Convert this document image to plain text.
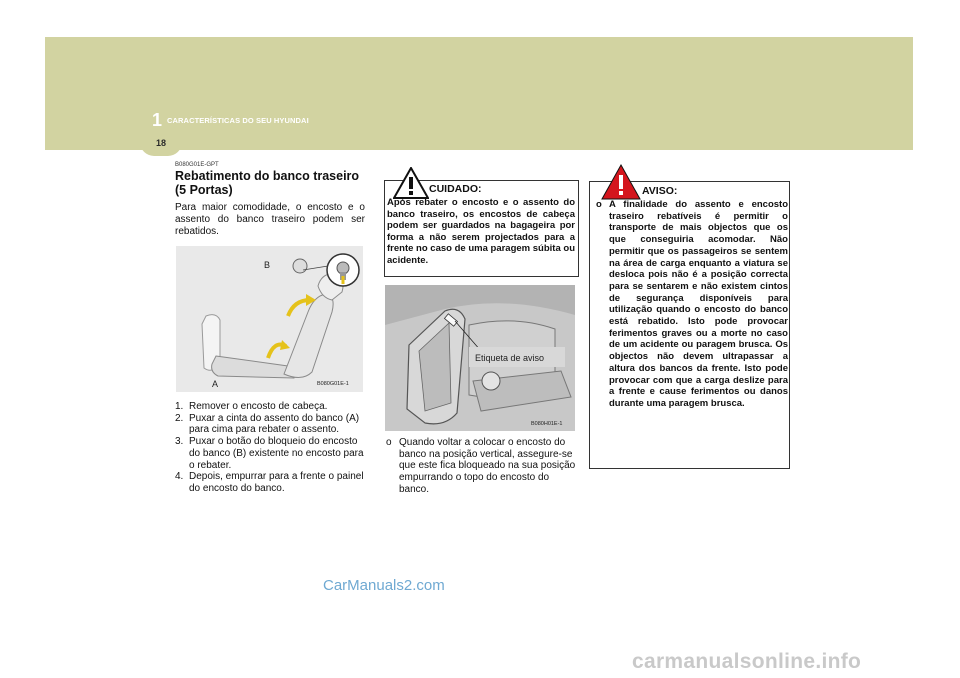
18
1 CARACTERÍSTICAS DO SEU HYUNDAI
B080G01E-GPT
Rebatimento do banco traseiro (5 Portas)
Para maior comodidade, o encosto e o assento do banco traseiro podem ser rebatidos.
B
A	B080G01E-1
1. Remover o encosto de cabeça.
2. Puxar a cinta do assento do banco (A) para cima para rebater o assento.
3. Puxar o botão do bloqueio do encosto do banco (B) existente no encosto para o rebater.
4. Depois, empurrar para a frente o painel do encosto do banco.
CUIDADO:
Após rebater o encosto e o assento do banco traseiro, os encostos de cabeça podem ser guardados na bagageira por forma a não serem projectados para a frente no caso de uma paragem súbita ou acidente.
Etiqueta de aviso
B080H01E-1
o Quando voltar a colocar o encosto do banco na posição vertical, assegure-se que este fica bloqueado na sua posição empurrando o topo do encosto do banco.
AVISO:
o A finalidade do assento e encosto traseiro rebatíveis é permitir o transporte de mais objectos que os que conseguiria acomodar. Não permitir que os passageiros se sentem na área de carga enquanto a viatura se desloca pois não é a posição correcta para se sentarem e não existem cintos de segurança disponíveis para utilização quando o encosto do banco está rebatido. Isto pode provocar ferimentos graves ou a morte no caso de um acidente ou paragem brusca. Os objectos não devem ultrapassar a altura dos bancos da frente. Isto pode provocar com que a carga deslize para a frente e cause ferimentos ou danos durante uma paragem brusca.
CarManuals2.com
carmanualsonline.info
